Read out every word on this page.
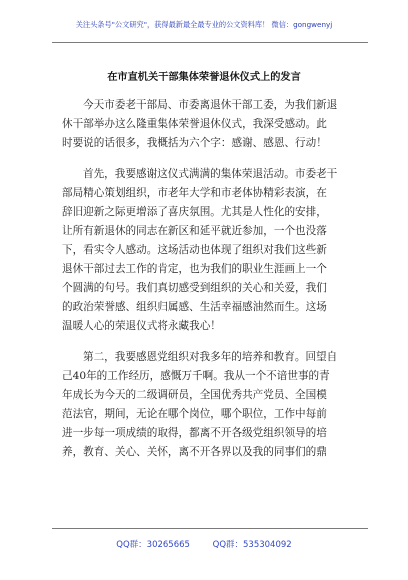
关注头条号"公文研究"，获得最新最全最专业的公文资料库！ 微信：gongwenyj
在市直机关干部集体荣誉退休仪式上的发言
今天市委老干部局、市委离退休干部工委，为我们新退
休干部举办这么隆重集体荣誉退休仪式，我深受感动。此
时要说的话很多，我概括为六个字：感谢、感恩、行动！
首先，我要感谢这仪式满满的集体荣退活动。市委老干
部局精心策划组织，市老年大学和市老体协精彩表演，在
辞旧迎新之际更增添了喜庆氛围。尤其是人性化的安排，
让所有新退休的同志在新区和延平就近参加，一个也没落
下，看实令人感动。这场活动也体现了组织对我们这些新
退休干部过去工作的肯定，也为我们的职业生涯画上一个
个圆满的句号。我们真切感受到组织的关心和关爱，我们
的政治荣誉感、组织归属感、生活幸福感油然而生。这场
温暖人心的荣退仪式将永藏我心！
第二，我要感恩党组织对我多年的培养和教育。回望自
己40年的工作经历，感慨万千啊。我从一个不谙世事的青
年成长为今天的二级调研员，全国优秀共产党员、全国模
范法官，期间，无论在哪个岗位，哪个职位，工作中每前
进一步每一项成绩的取得，都离不开各级党组织领导的培
养，教育、关心、关怀，离不开各界以及我的同事们的鼎
QQ群：30265665	QQ群：535304092
